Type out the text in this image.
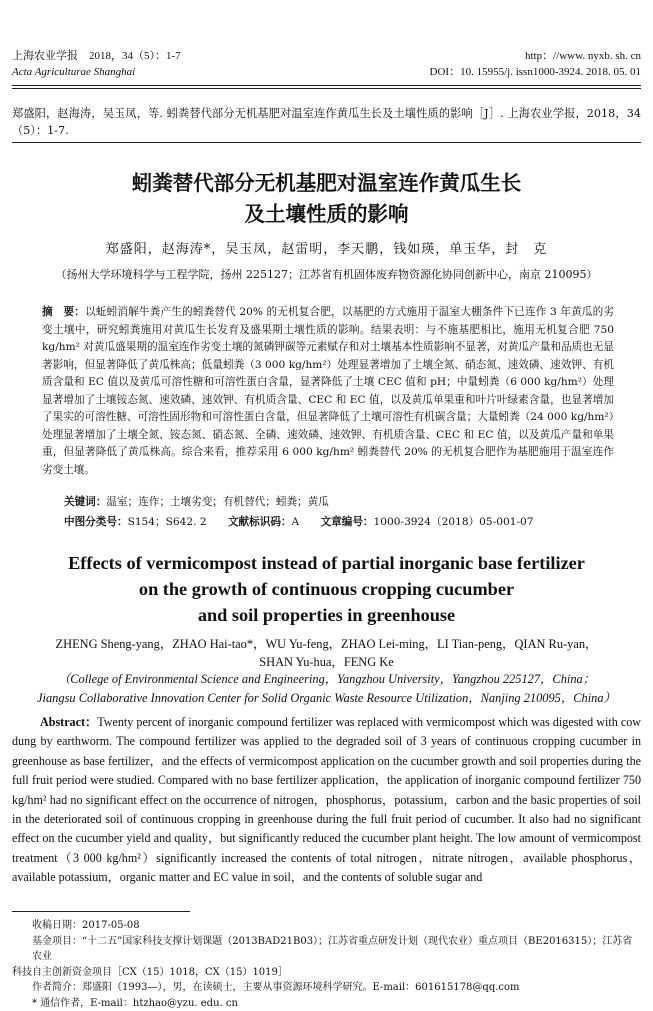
上海农业学报　2018，34（5）：1-7
Acta Agriculturae Shanghai
http：//www. nyxb. sh. cn
DOI：10. 15955/j. issn1000-3924. 2018. 05. 01
郑盛阳，赵海涛，吴玉凤，等. 蚓粪替代部分无机基肥对温室连作黄瓜生长及土壤性质的影响［J］. 上海农业学报，2018，34（5）：1-7.
蚓粪替代部分无机基肥对温室连作黄瓜生长
及土壤性质的影响
郑盛阳，赵海涛*，吴玉凤，赵雷明，李天鹏，钱如瑛，单玉华，封　克
（扬州大学环境科学与工程学院，扬州 225127；江苏省有机固体废弃物资源化协同创新中心，南京 210095）
摘　要：以蚯蚓消解牛粪产生的蚓粪替代 20% 的无机复合肥，以基肥的方式施用于温室大棚条件下已连作 3 年黄瓜的劣变土壤中，研究蚓粪施用对黄瓜生长发育及盛果期土壤性质的影响。结果表明：与不施基肥相比，施用无机复合肥 750 kg/hm² 对黄瓜盛果期的温室连作劣变土壤的氮磷钾碳等元素赋存和对土壤基本性质影响不显著，对黄瓜产量和品质也无显著影响，但显著降低了黄瓜株高；低量蚓粪（3 000 kg/hm²）处理显著增加了土壤全氮、硝态氮、速效磷、速效钾、有机质含量和 EC 值以及黄瓜可溶性糖和可溶性蛋白含量，显著降低了土壤 CEC 值和 pH；中量蚓粪（6 000 kg/hm²）处理显著增加了土壤铵态氮、速效磷、速效钾、有机质含量、CEC 和 EC 值，以及黄瓜单果重和叶片叶绿素含量，也显著增加了果实的可溶性糖、可溶性固形物和可溶性蛋白含量，但显著降低了土壤可溶性有机碳含量；大量蚓粪（24 000 kg/hm²）处理显著增加了土壤全氮、铵态氮、硝态氮、全磷、速效磷、速效钾、有机质含量、CEC 和 EC 值，以及黄瓜产量和单果重，但显著降低了黄瓜株高。综合来看，推荐采用 6 000 kg/hm² 蚓粪替代 20% 的无机复合肥作为基肥施用于温室连作劣变土壤。
关键词：温室；连作；土壤劣变；有机替代；蚓粪；黄瓜
中图分类号：S154；S642. 2 文献标识码：A 文章编号：1000-3924（2018）05-001-07
Effects of vermicompost instead of partial inorganic base fertilizer
on the growth of continuous cropping cucumber
and soil properties in greenhouse
ZHENG Sheng-yang，ZHAO Hai-tao*，WU Yu-feng，ZHAO Lei-ming，LI Tian-peng，QIAN Ru-yan，
SHAN Yu-hua，FENG Ke
（College of Environmental Science and Engineering，Yangzhou University，Yangzhou 225127，China；
Jiangsu Collaborative Innovation Center for Solid Organic Waste Resource Utilization，Nanjing 210095，China）
Abstract：Twenty percent of inorganic compound fertilizer was replaced with vermicompost which was digested with cow dung by earthworm. The compound fertilizer was applied to the degraded soil of 3 years of continuous cropping cucumber in greenhouse as base fertilizer，and the effects of vermicompost application on the cucumber growth and soil properties during the full fruit period were studied. Compared with no base fertilizer application，the application of inorganic compound fertilizer 750 kg/hm² had no significant effect on the occurrence of nitrogen，phosphorus，potassium，carbon and the basic properties of soil in the deteriorated soil of continuous cropping in greenhouse during the full fruit period of cucumber. It also had no significant effect on the cucumber yield and quality，but significantly reduced the cucumber plant height. The low amount of vermicompost treatment（3 000 kg/hm²）significantly increased the contents of total nitrogen，nitrate nitrogen，available phosphorus，available potassium，organic matter and EC value in soil，and the contents of soluble sugar and
收稿日期：2017-05-08
基金项目：“十二五”国家科技支撑计划课题（2013BAD21B03）；江苏省重点研发计划（现代农业）重点项目（BE2016315）；江苏省农业
科技自主创新资金项目［CX（15）1018，CX（15）1019］
作者简介：郑盛阳（1993—），男，在读硕士，主要从事资源环境科学研究。E-mail：601615178@qq.com
* 通信作者，E-mail：htzhao@yzu. edu. cn
